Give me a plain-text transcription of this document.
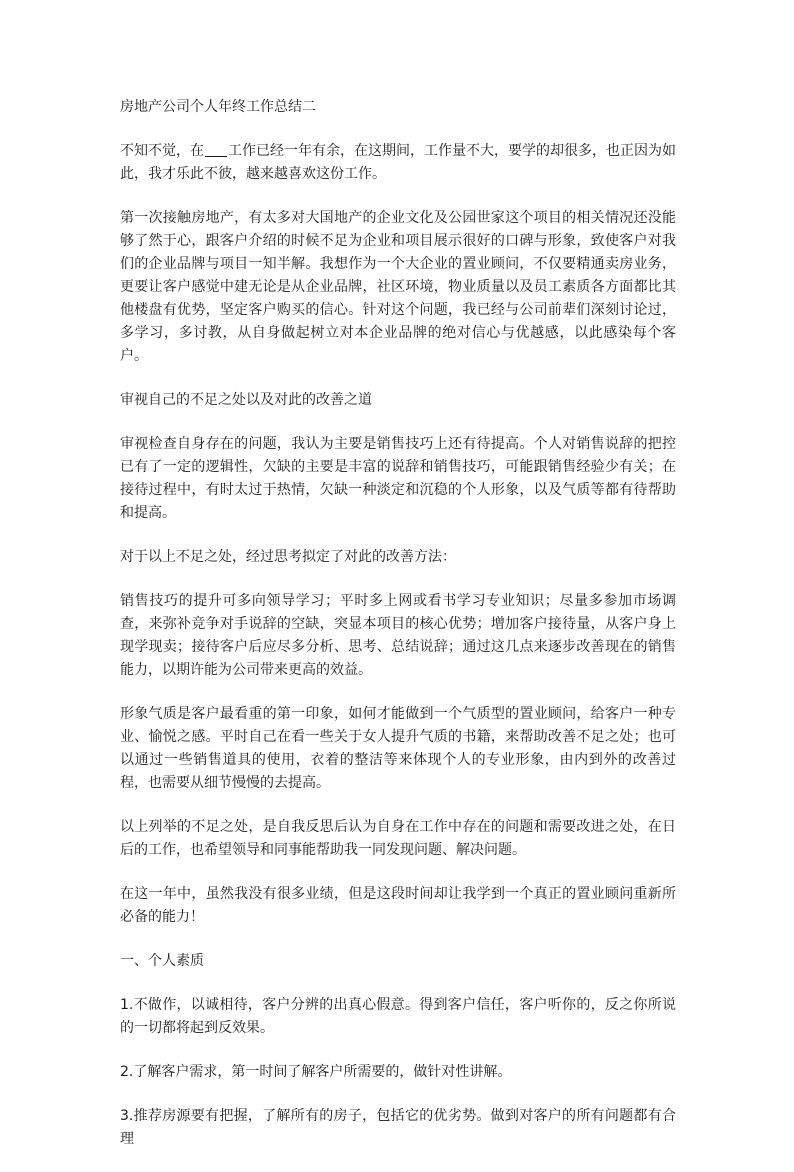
房地产公司个人年终工作总结二

不知不觉，在 工作已经一年有余，在这期间，工作量不大，要学的却很多，也正因为如此，我才乐此不彼，越来越喜欢这份工作。

第一次接触房地产，有太多对大国地产的企业文化及公园世家这个项目的相关情况还没能够了然于心，跟客户介绍的时候不足为企业和项目展示很好的口碑与形象，致使客户对我们的企业品牌与项目一知半解。我想作为一个大企业的置业顾问，不仅要精通卖房业务，更要让客户感觉中建无论是从企业品牌，社区环境，物业质量以及员工素质各方面都比其他楼盘有优势，坚定客户购买的信心。针对这个问题，我已经与公司前辈们深刻讨论过，多学习，多讨教，从自身做起树立对本企业品牌的绝对信心与优越感，以此感染每个客户。

审视自己的不足之处以及对此的改善之道

审视检查自身存在的问题，我认为主要是销售技巧上还有待提高。个人对销售说辞的把控已有了一定的逻辑性，欠缺的主要是丰富的说辞和销售技巧，可能跟销售经验少有关；在接待过程中，有时太过于热情，欠缺一种淡定和沉稳的个人形象，以及气质等都有待帮助和提高。

对于以上不足之处，经过思考拟定了对此的改善方法：

销售技巧的提升可多向领导学习；平时多上网或看书学习专业知识；尽量多参加市场调查，来弥补竞争对手说辞的空缺，突显本项目的核心优势；增加客户接待量，从客户身上现学现卖；接待客户后应尽多分析、思考、总结说辞；通过这几点来逐步改善现在的销售能力，以期许能为公司带来更高的效益。

形象气质是客户最看重的第一印象，如何才能做到一个气质型的置业顾问，给客户一种专业、愉悦之感。平时自己在看一些关于女人提升气质的书籍，来帮助改善不足之处；也可以通过一些销售道具的使用，衣着的整洁等来体现个人的专业形象，由内到外的改善过程，也需要从细节慢慢的去提高。

以上列举的不足之处，是自我反思后认为自身在工作中存在的问题和需要改进之处，在日后的工作，也希望领导和同事能帮助我一同发现问题、解决问题。

在这一年中，虽然我没有很多业绩，但是这段时间却让我学到一个真正的置业顾问重新所必备的能力！

一、个人素质

1.不做作，以诚相待，客户分辨的出真心假意。得到客户信任，客户听你的，反之你所说的一切都将起到反效果。

2.了解客户需求，第一时间了解客户所需要的，做针对性讲解。

3.推荐房源要有把握，了解所有的房子，包括它的优劣势。做到对客户的所有问题都有合理
